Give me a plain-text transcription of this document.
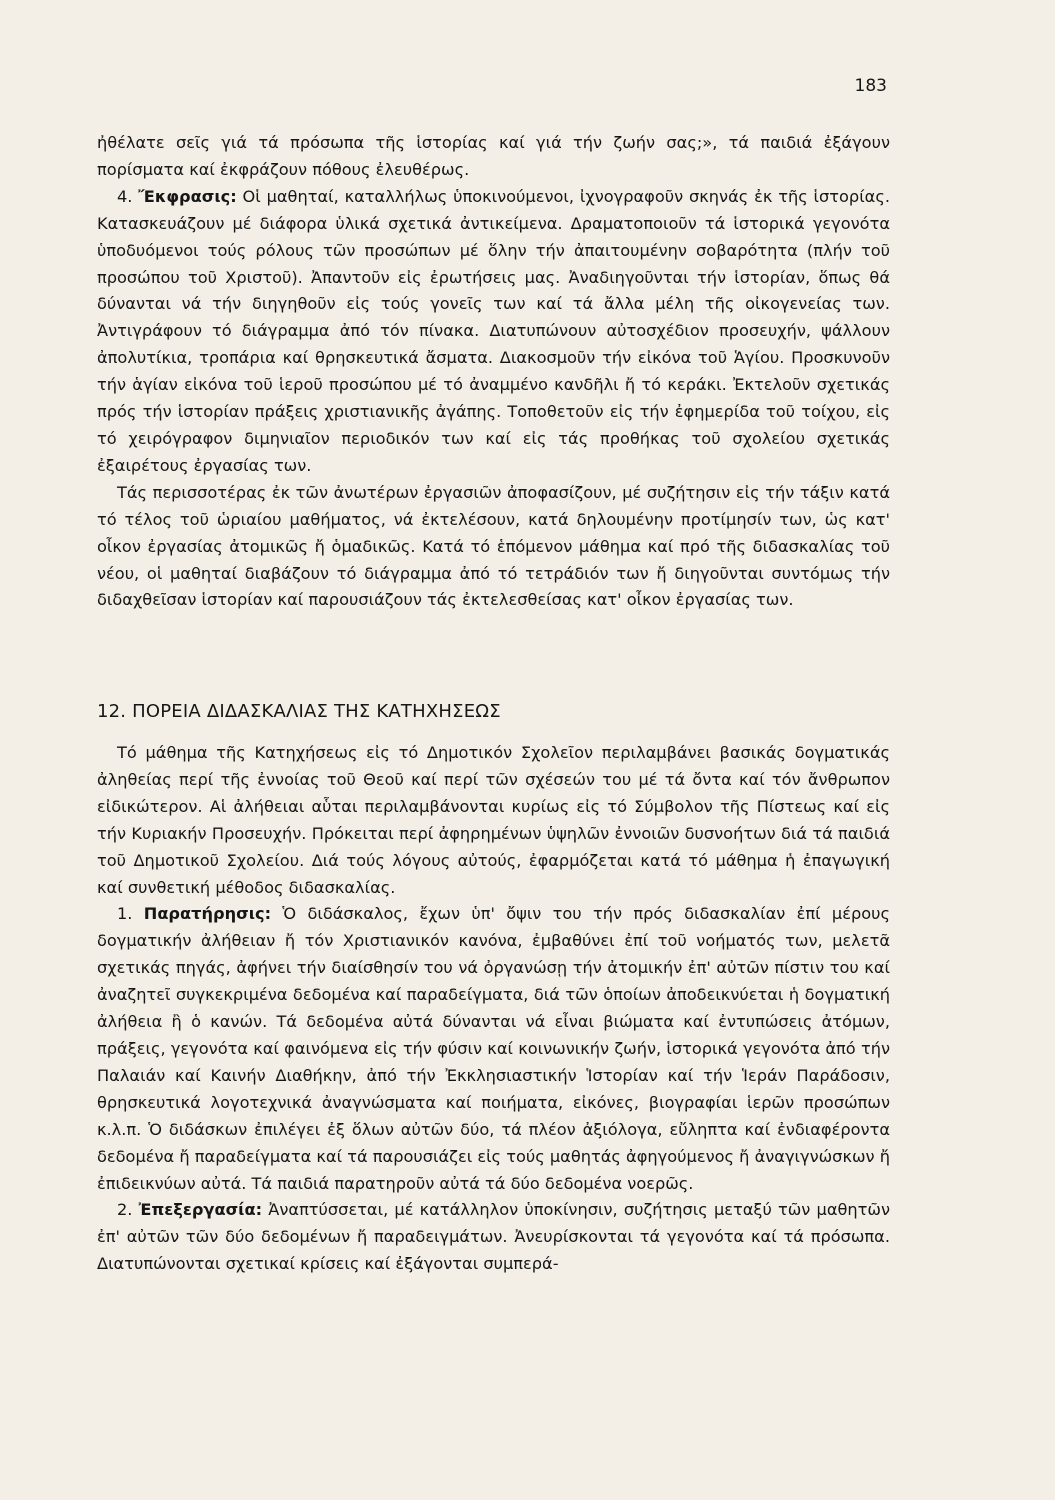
183

ἠθέλατε σεῖς γιά τά πρόσωπα τῆς ἱστορίας καί γιά τήν ζωήν σας;», τά παιδιά ἐξάγουν πορίσματα καί ἐκφράζουν πόθους ἐλευθέρως.

4. Ἔκφρασις: Οἱ μαθηταί, καταλλήλως ὑποκινούμενοι, ἰχνογραφοῦν σκηνάς ἐκ τῆς ἱστορίας. Κατασκευάζουν μέ διάφορα ὑλικά σχετικά ἀντικείμενα. Δραματοποιοῦν τά ἱστορικά γεγονότα ὑποδυόμενοι τούς ρόλους τῶν προσώπων μέ ὅλην τήν ἀπαιτουμένην σοβαρότητα (πλήν τοῦ προσώπου τοῦ Χριστοῦ). Ἀπαντοῦν εἰς ἐρωτήσεις μας. Ἀναδιηγοῦνται τήν ἱστορίαν, ὅπως θά δύνανται νά τήν διηγηθοῦν εἰς τούς γονεῖς των καί τά ἄλλα μέλη τῆς οἰκογενείας των. Ἀντιγράφουν τό διάγραμμα ἀπό τόν πίνακα. Διατυπώνουν αὐτοσχέδιον προσευχήν, ψάλλουν ἀπολυτίκια, τροπάρια καί θρησκευτικά ἄσματα. Διακοσμοῦν τήν εἰκόνα τοῦ Ἁγίου. Προσκυνοῦν τήν ἁγίαν εἰκόνα τοῦ ἱεροῦ προσώπου μέ τό ἀναμμένο κανδῆλι ἤ τό κεράκι. Ἐκτελοῦν σχετικάς πρός τήν ἱστορίαν πράξεις χριστιανικῆς ἀγάπης. Τοποθετοῦν εἰς τήν ἐφημερίδα τοῦ τοίχου, εἰς τό χειρόγραφον διμηνιαῖον περιοδικόν των καί εἰς τάς προθήκας τοῦ σχολείου σχετικάς ἐξαιρέτους ἐργασίας των.

Τάς περισσοτέρας ἐκ τῶν ἀνωτέρων ἐργασιῶν ἀποφασίζουν, μέ συζήτησιν εἰς τήν τάξιν κατά τό τέλος τοῦ ὡριαίου μαθήματος, νά ἐκτελέσουν, κατά δηλουμένην προτίμησίν των, ὡς κατ' οἶκον ἐργασίας ἀτομικῶς ἤ ὁμαδικῶς. Κατά τό ἑπόμενον μάθημα καί πρό τῆς διδασκαλίας τοῦ νέου, οἱ μαθηταί διαβάζουν τό διάγραμμα ἀπό τό τετράδιόν των ἤ διηγοῦνται συντόμως τήν διδαχθεῖσαν ἱστορίαν καί παρουσιάζουν τάς ἐκτελεσθείσας κατ' οἶκον ἐργασίας των.

12. ΠΟΡΕΙΑ ΔΙΔΑΣΚΑΛΙΑΣ ΤΗΣ ΚΑΤΗΧΗΣΕΩΣ

Τό μάθημα τῆς Κατηχήσεως εἰς τό Δημοτικόν Σχολεῖον περιλαμβάνει βασικάς δογματικάς ἀληθείας περί τῆς ἐννοίας τοῦ Θεοῦ καί περί τῶν σχέσεών του μέ τά ὄντα καί τόν ἄνθρωπον εἰδικώτερον. Αἱ ἀλήθειαι αὗται περιλαμβάνονται κυρίως εἰς τό Σύμβολον τῆς Πίστεως καί εἰς τήν Κυριακήν Προσευχήν. Πρόκειται περί ἀφηρημένων ὑψηλῶν ἐννοιῶν δυσνοήτων διά τά παιδιά τοῦ Δημοτικοῦ Σχολείου. Διά τούς λόγους αὐτούς, ἐφαρμόζεται κατά τό μάθημα ἡ ἐπαγωγική καί συνθετική μέθοδος διδασκαλίας.

1. Παρατήρησις: Ὁ διδάσκαλος, ἔχων ὑπ' ὄψιν του τήν πρός διδασκαλίαν ἐπί μέρους δογματικήν ἀλήθειαν ἤ τόν Χριστιανικόν κανόνα, ἐμβαθύνει ἐπί τοῦ νοήματός των, μελετᾶ σχετικάς πηγάς, ἀφήνει τήν διαίσθησίν του νά ὀργανώσῃ τήν ἀτομικήν ἐπ' αὐτῶν πίστιν του καί ἀναζητεῖ συγκεκριμένα δεδομένα καί παραδείγματα, διά τῶν ὁποίων ἀποδεικνύεται ἡ δογματική ἀλήθεια ἢ ὁ κανών. Τά δεδομένα αὐτά δύνανται νά εἶναι βιώματα καί ἐντυπώσεις ἀτόμων, πράξεις, γεγονότα καί φαινόμενα εἰς τήν φύσιν καί κοινωνικήν ζωήν, ἱστορικά γεγονότα ἀπό τήν Παλαιάν καί Καινήν Διαθήκην, ἀπό τήν Ἐκκλησιαστικήν Ἱστορίαν καί τήν Ἱεράν Παράδοσιν, θρησκευτικά λογοτεχνικά ἀναγνώσματα καί ποιήματα, εἰκόνες, βιογραφίαι ἱερῶν προσώπων κ.λ.π. Ὁ διδάσκων ἐπιλέγει ἐξ ὅλων αὐτῶν δύο, τά πλέον ἀξιόλογα, εὔληπτα καί ἐνδιαφέροντα δεδομένα ἤ παραδείγματα καί τά παρουσιάζει εἰς τούς μαθητάς ἀφηγούμενος ἤ ἀναγιγνώσκων ἤ ἐπιδεικνύων αὐτά. Τά παιδιά παρατηροῦν αὐτά τά δύο δεδομένα νοερῶς.

2. Ἐπεξεργασία: Ἀναπτύσσεται, μέ κατάλληλον ὑποκίνησιν, συζήτησις μεταξύ τῶν μαθητῶν ἐπ' αὐτῶν τῶν δύο δεδομένων ἤ παραδειγμάτων. Ἀνευρίσκονται τά γεγονότα καί τά πρόσωπα. Διατυπώνονται σχετικαί κρίσεις καί ἐξάγονται συμπερά-
